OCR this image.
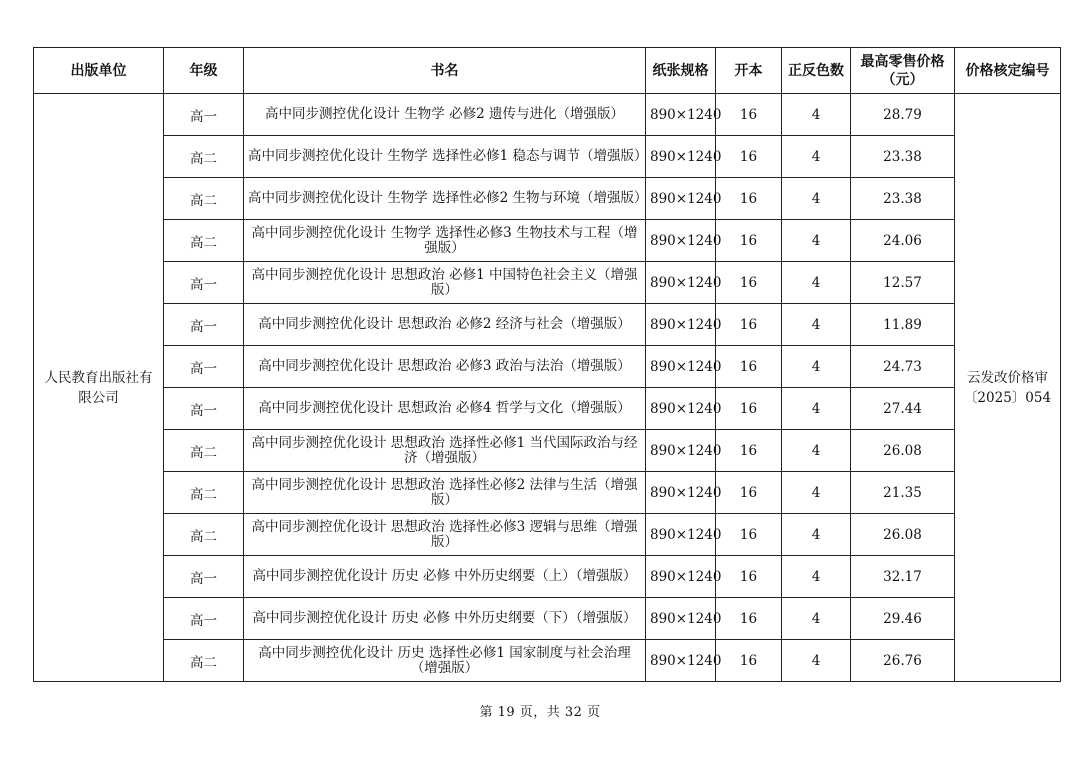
出版单位	年级	书名	纸张规格	开本	正反色数	最高零售价格（元）	价格核定编号
人民教育出版社有限公司	高一	高中同步测控优化设计 生物学 必修2 遗传与进化（增强版）	890×1240	16	4	28.79	云发改价格审〔2025〕054
	高二	高中同步测控优化设计 生物学 选择性必修1 稳态与调节（增强版）	890×1240	16	4	23.38	
	高二	高中同步测控优化设计 生物学 选择性必修2 生物与环境（增强版）	890×1240	16	4	23.38	
	高二	高中同步测控优化设计 生物学 选择性必修3 生物技术与工程（增强版）	890×1240	16	4	24.06	
	高一	高中同步测控优化设计 思想政治 必修1 中国特色社会主义（增强版）	890×1240	16	4	12.57	
	高一	高中同步测控优化设计 思想政治 必修2 经济与社会（增强版）	890×1240	16	4	11.89	
	高一	高中同步测控优化设计 思想政治 必修3 政治与法治（增强版）	890×1240	16	4	24.73	
	高一	高中同步测控优化设计 思想政治 必修4 哲学与文化（增强版）	890×1240	16	4	27.44	
	高二	高中同步测控优化设计 思想政治 选择性必修1 当代国际政治与经济（增强版）	890×1240	16	4	26.08	
	高二	高中同步测控优化设计 思想政治 选择性必修2 法律与生活（增强版）	890×1240	16	4	21.35	
	高二	高中同步测控优化设计 思想政治 选择性必修3 逻辑与思维（增强版）	890×1240	16	4	26.08	
	高一	高中同步测控优化设计 历史 必修 中外历史纲要（上）（增强版）	890×1240	16	4	32.17	
	高一	高中同步测控优化设计 历史 必修 中外历史纲要（下）（增强版）	890×1240	16	4	29.46	
	高二	高中同步测控优化设计 历史 选择性必修1 国家制度与社会治理（增强版）	890×1240	16	4	26.76	
第 19 页，共 32 页
